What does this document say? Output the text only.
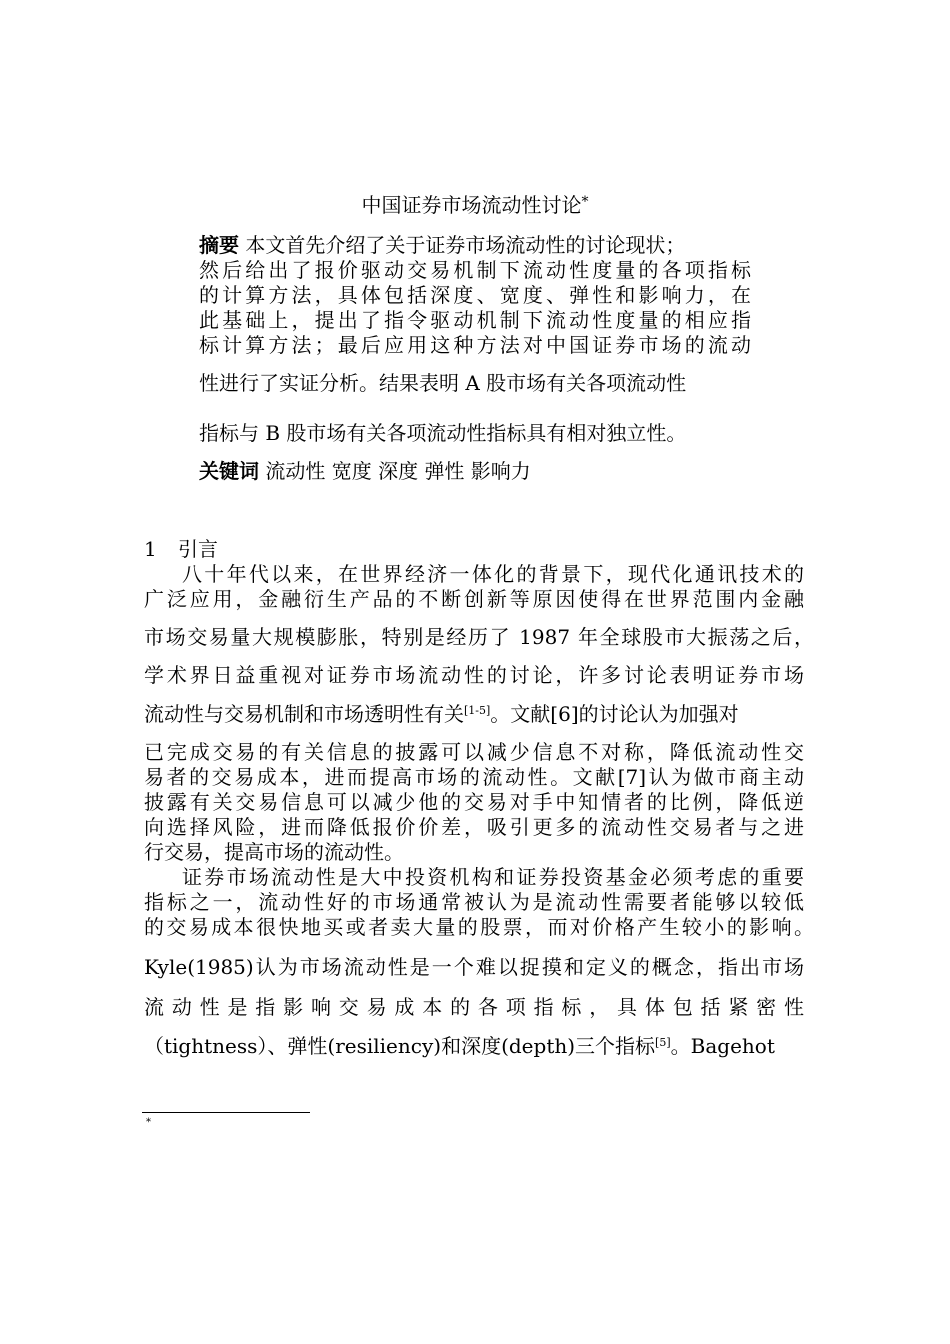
中国证券市场流动性讨论*
摘要 本文首先介绍了关于证券市场流动性的讨论现状；
然后给出了报价驱动交易机制下流动性度量的各项指标
的计算方法，具体包括深度、宽度、弹性和影响力，在
此基础上，提出了指令驱动机制下流动性度量的相应指
标计算方法；最后应用这种方法对中国证券市场的流动
性进行了实证分析。结果表明 A 股市场有关各项流动性
指标与 B 股市场有关各项流动性指标具有相对独立性。
关键词 流动性 宽度 深度 弹性 影响力
1 引言
八十年代以来，在世界经济一体化的背景下，现代化通讯技术的
广泛应用，金融衍生产品的不断创新等原因使得在世界范围内金融
市场交易量大规模膨胀，特别是经历了 1987 年全球股市大振荡之后，
学术界日益重视对证券市场流动性的讨论，许多讨论表明证券市场
流动性与交易机制和市场透明性有关[1-5]。文献[6]的讨论认为加强对
已完成交易的有关信息的披露可以减少信息不对称，降低流动性交
易者的交易成本，进而提高市场的流动性。文献[7]认为做市商主动
披露有关交易信息可以减少他的交易对手中知情者的比例，降低逆
向选择风险，进而降低报价价差，吸引更多的流动性交易者与之进
行交易，提高市场的流动性。
证券市场流动性是大中投资机构和证券投资基金必须考虑的重要
指标之一，流动性好的市场通常被认为是流动性需要者能够以较低
的交易成本很快地买或者卖大量的股票，而对价格产生较小的影响。
Kyle(1985)认为市场流动性是一个难以捉摸和定义的概念，指出市场
流动性是指影响交易成本的各项指标，具体包括紧密性
（tightness）、弹性(resiliency)和深度(depth)三个指标[5]。Bagehot
*
